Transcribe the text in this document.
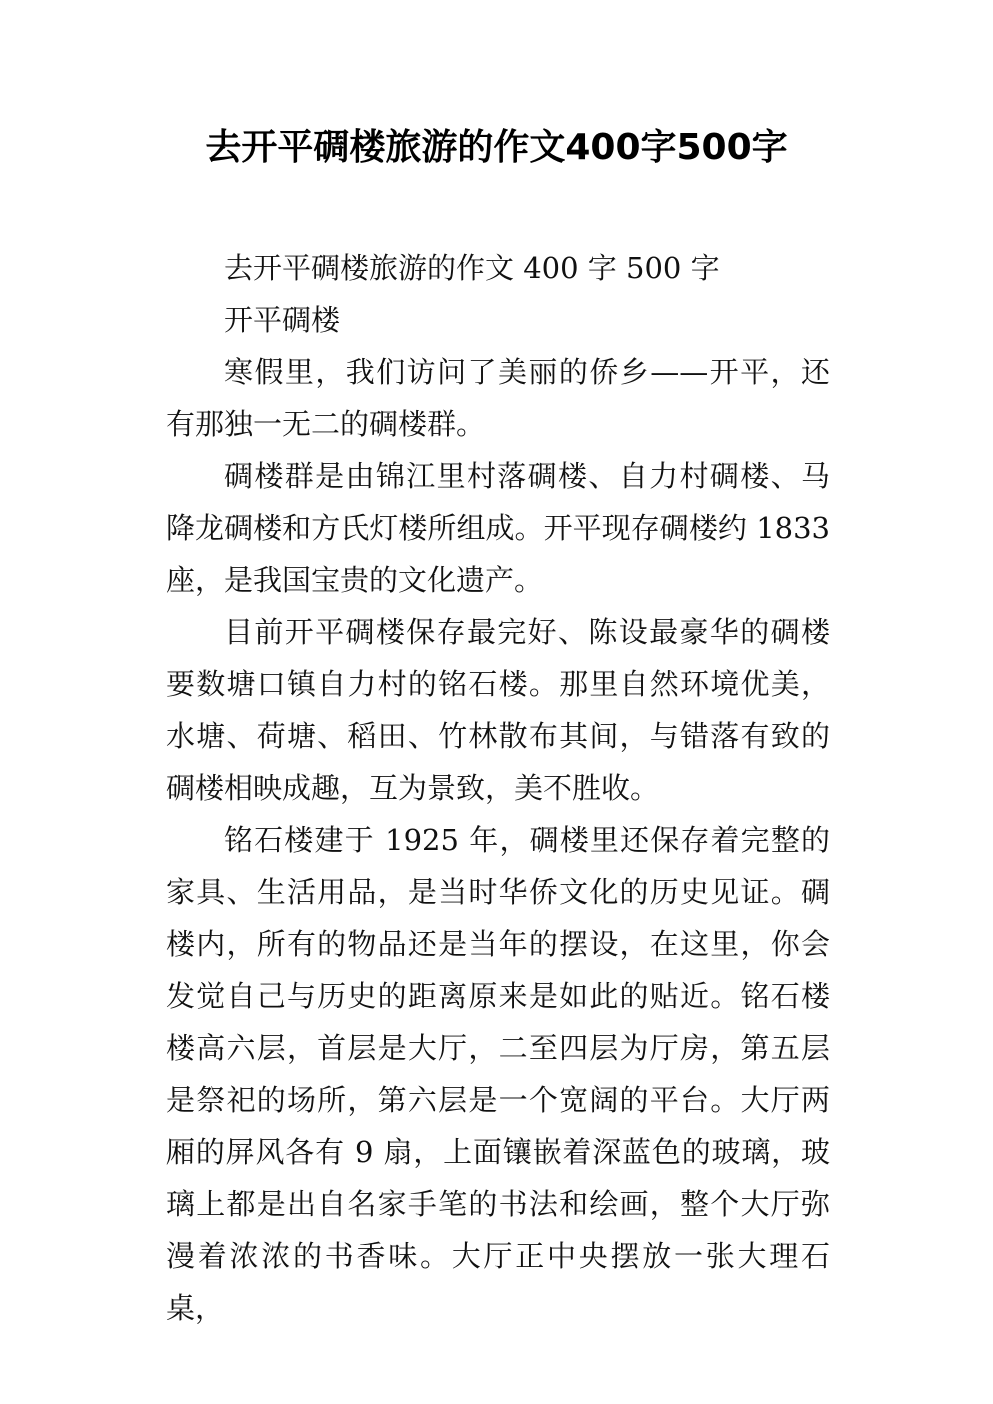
去开平碉楼旅游的作文400字500字

去开平碉楼旅游的作文 400 字 500 字

开平碉楼

寒假里，我们访问了美丽的侨乡——开平，还有那独一无二的碉楼群。

碉楼群是由锦江里村落碉楼、自力村碉楼、马降龙碉楼和方氏灯楼所组成。开平现存碉楼约 1833 座，是我国宝贵的文化遗产。

目前开平碉楼保存最完好、陈设最豪华的碉楼要数塘口镇自力村的铭石楼。那里自然环境优美，水塘、荷塘、稻田、竹林散布其间，与错落有致的碉楼相映成趣，互为景致，美不胜收。

铭石楼建于 1925 年，碉楼里还保存着完整的家具、生活用品，是当时华侨文化的历史见证。碉楼内，所有的物品还是当年的摆设，在这里，你会发觉自己与历史的距离原来是如此的贴近。铭石楼楼高六层，首层是大厅，二至四层为厅房，第五层是祭祀的场所，第六层是一个宽阔的平台。大厅两厢的屏风各有 9 扇，上面镶嵌着深蓝色的玻璃，玻璃上都是出自名家手笔的书法和绘画，整个大厅弥漫着浓浓的书香味。大厅正中央摆放一张大理石桌，
